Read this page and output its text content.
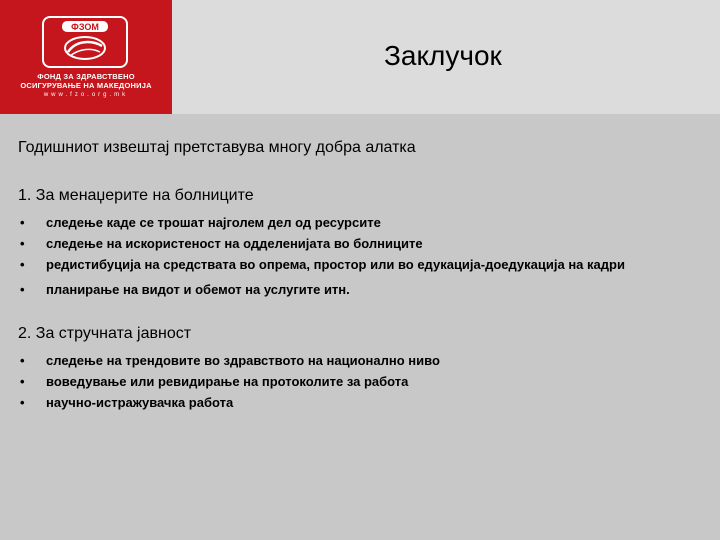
ФЗОМ
ФОНД ЗА ЗДРАВСТВЕНО
ОСИГУРУВАЊЕ НА МАКЕДОНИЈА
www.fzo.org.mk
Заклучок

Годишниот извештај претставува многу добра алатка

1. За менаџерите на болниците

• следење каде се трошат најголем дел од ресурсите
• следење на искористеност на одделенијата во болниците
• редистибуција на средствата во опрема, простор или во едукација-доедукација на кадри
• планирање на видот и обемот на услугите итн.

2. За стручната јавност

• следење на трендовите во здравството на национално ниво
• воведување или ревидирање на протоколите за работа
• научно-истражувачка работа
